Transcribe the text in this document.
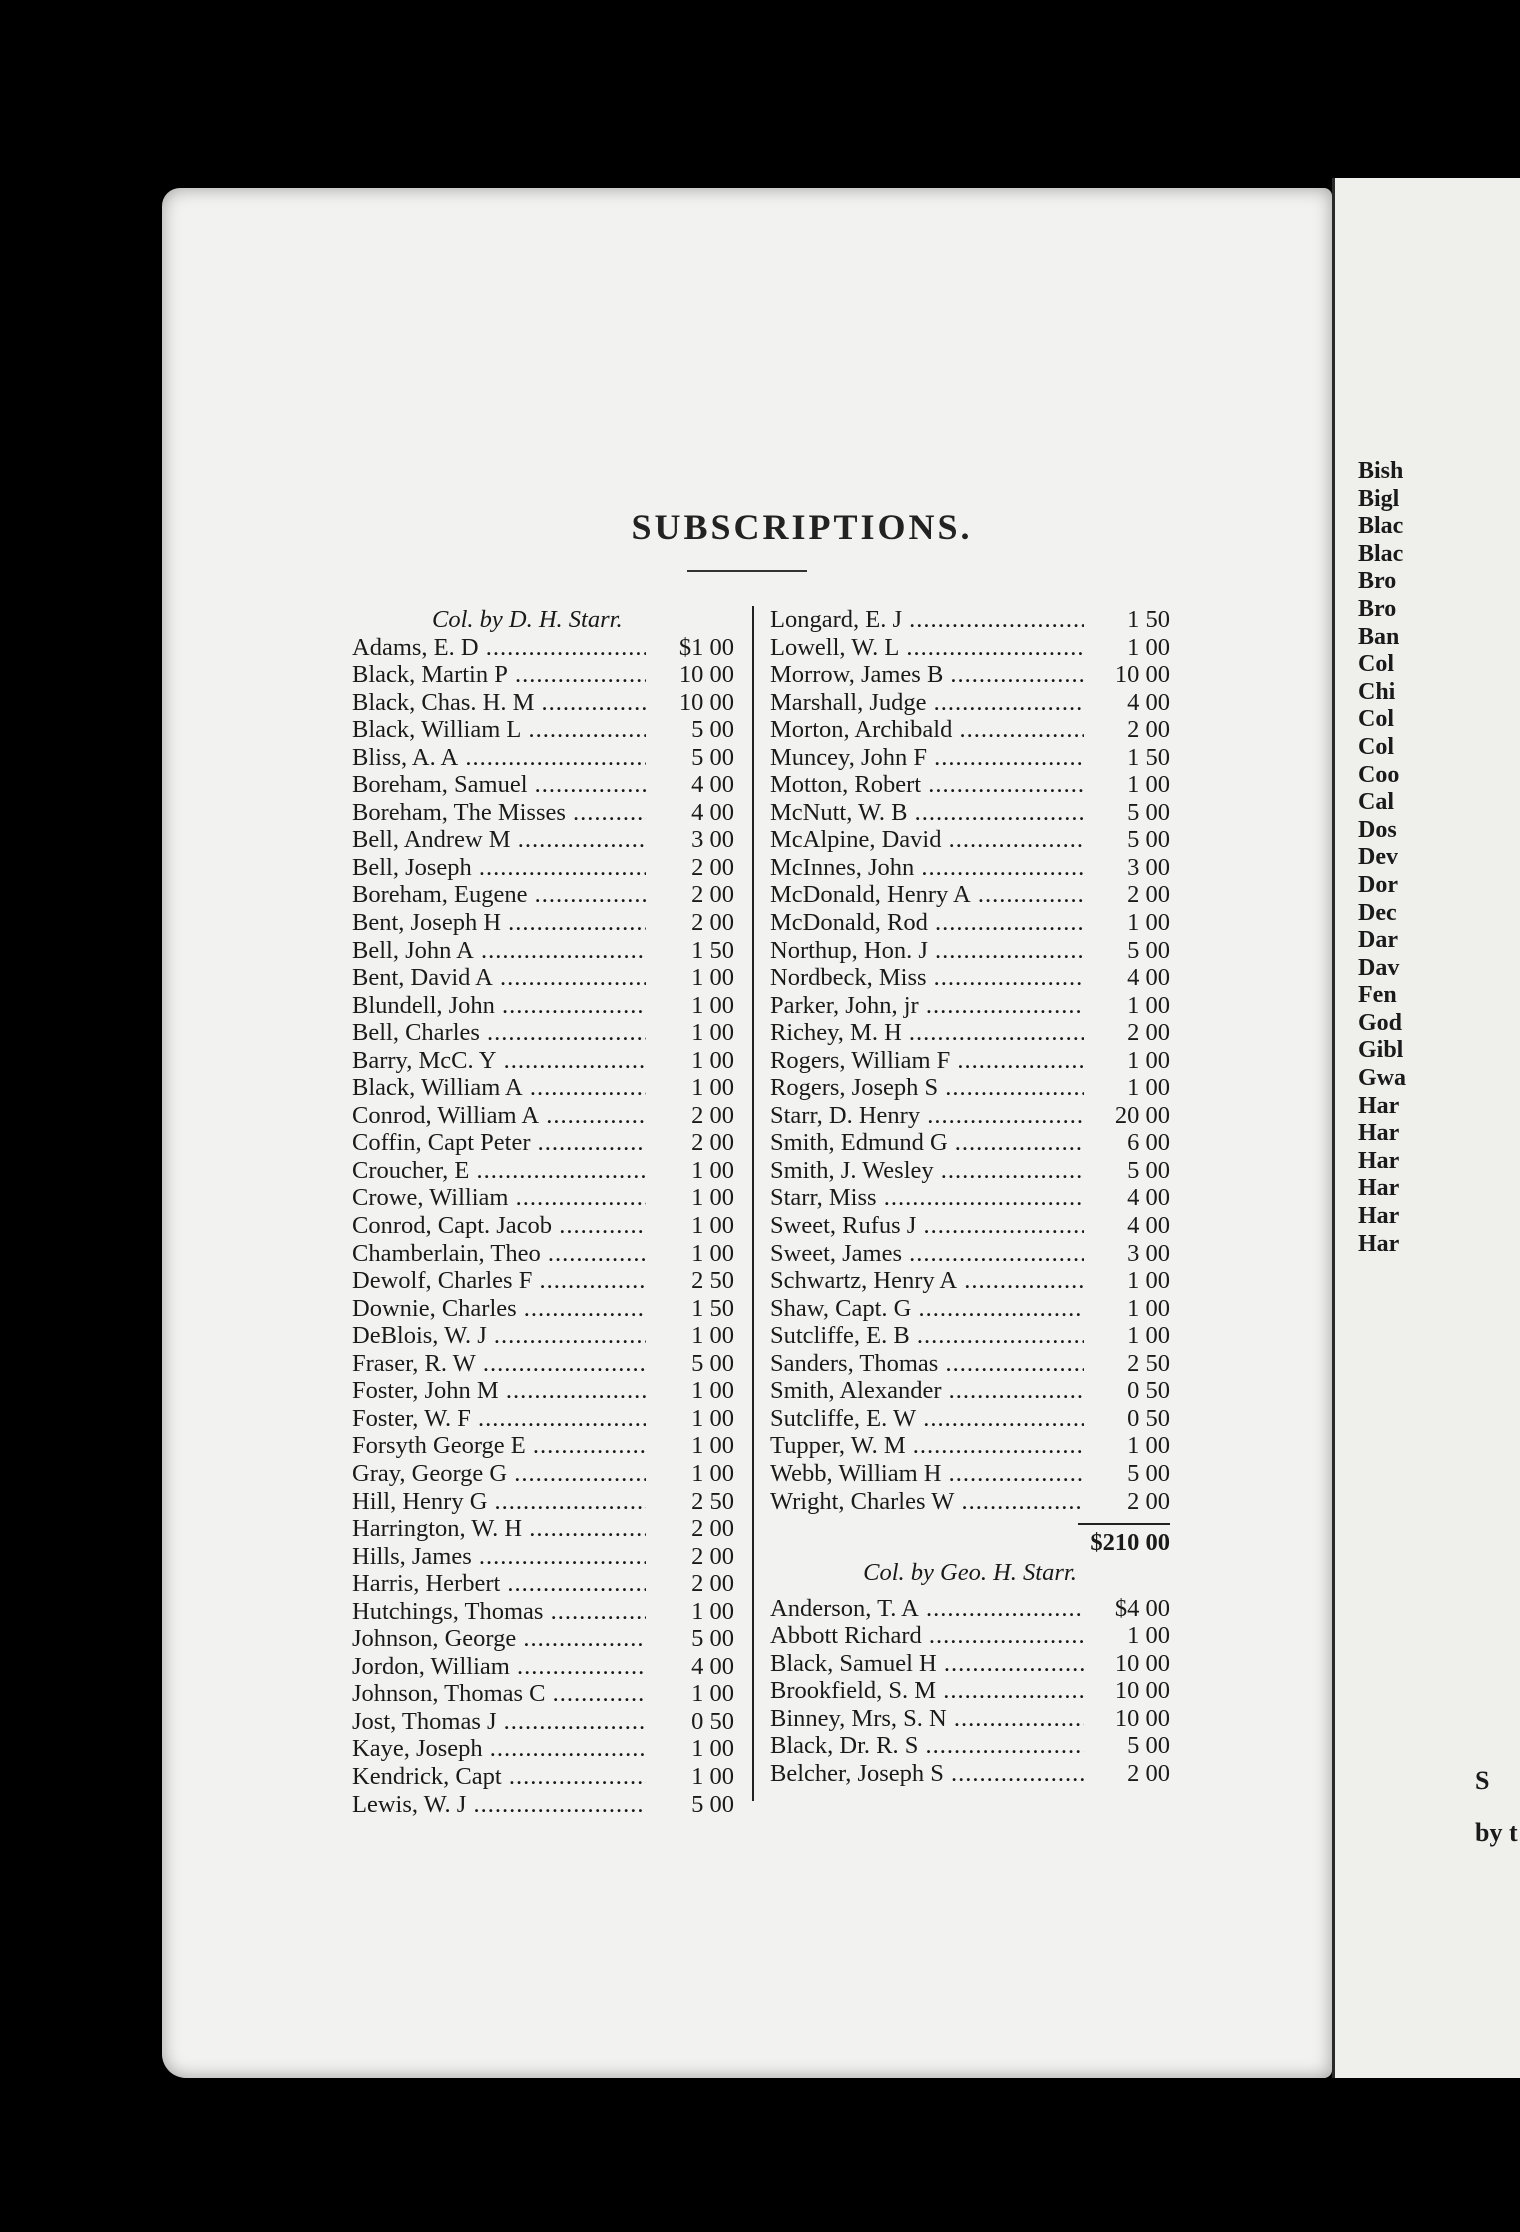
SUBSCRIPTIONS.
Col. by D. H. Starr.
Adams, E. D .....	$1 00
Black, Martin P .....	10 00
Black, Chas. H. M .....	10 00
Black, William L .....	5 00
Bliss, A. A .....	5 00
Boreham, Samuel .....	4 00
Boreham, The Misses .....	4 00
Bell, Andrew M .....	3 00
Bell, Joseph .....	2 00
Boreham, Eugene .....	2 00
Bent, Joseph H .....	2 00
Bell, John A .....	1 50
Bent, David A .....	1 00
Blundell, John .....	1 00
Bell, Charles .....	1 00
Barry, McC. Y .....	1 00
Black, William A .....	1 00
Conrod, William A .....	2 00
Coffin, Capt Peter .....	2 00
Croucher, E .....	1 00
Crowe, William .....	1 00
Conrod, Capt. Jacob .....	1 00
Chamberlain, Theo .....	1 00
Dewolf, Charles F .....	2 50
Downie, Charles .....	1 50
DeBlois, W. J .....	1 00
Fraser, R. W .....	5 00
Foster, John M .....	1 00
Foster, W. F .....	1 00
Forsyth George E .....	1 00
Gray, George G .....	1 00
Hill, Henry G .....	2 50
Harrington, W. H .....	2 00
Hills, James .....	2 00
Harris, Herbert .....	2 00
Hutchings, Thomas .....	1 00
Johnson, George .....	5 00
Jordon, William .....	4 00
Johnson, Thomas C .....	1 00
Jost, Thomas J .....	0 50
Kaye, Joseph .....	1 00
Kendrick, Capt .....	1 00
Lewis, W. J .....	5 00
Longard, E. J .....	1 50
Lowell, W. L .....	1 00
Morrow, James B .....	10 00
Marshall, Judge .....	4 00
Morton, Archibald .....	2 00
Muncey, John F .....	1 50
Motton, Robert .....	1 00
McNutt, W. B .....	5 00
McAlpine, David .....	5 00
McInnes, John .....	3 00
McDonald, Henry A .....	2 00
McDonald, Rod .....	1 00
Northup, Hon. J .....	5 00
Nordbeck, Miss .....	4 00
Parker, John, jr .....	1 00
Richey, M. H .....	2 00
Rogers, William F .....	1 00
Rogers, Joseph S .....	1 00
Starr, D. Henry .....	20 00
Smith, Edmund G .....	6 00
Smith, J. Wesley .....	5 00
Starr, Miss .....	4 00
Sweet, Rufus J .....	4 00
Sweet, James .....	3 00
Schwartz, Henry A .....	1 00
Shaw, Capt. G .....	1 00
Sutcliffe, E. B .....	1 00
Sanders, Thomas .....	2 50
Smith, Alexander .....	0 50
Sutcliffe, E. W .....	0 50
Tupper, W. M .....	1 00
Webb, William H .....	5 00
Wright, Charles W .....	2 00
$210 00
Col. by Geo. H. Starr.
Anderson, T. A .....	$4 00
Abbott Richard .....	1 00
Black, Samuel H .....	10 00
Brookfield, S. M .....	10 00
Binney, Mrs, S. N .....	10 00
Black, Dr. R. S .....	5 00
Belcher, Joseph S .....	2 00
Bish
Bigl
Blac
Blac
Bro
Bro
Ban
Col
Chi
Col
Col
Coo
Cal
Dos
Dev
Dor
Dec
Dar
Dav
Fen
God
Gibl
Gwa
Har
Har
Har
Har
Har
Har
S
by t
